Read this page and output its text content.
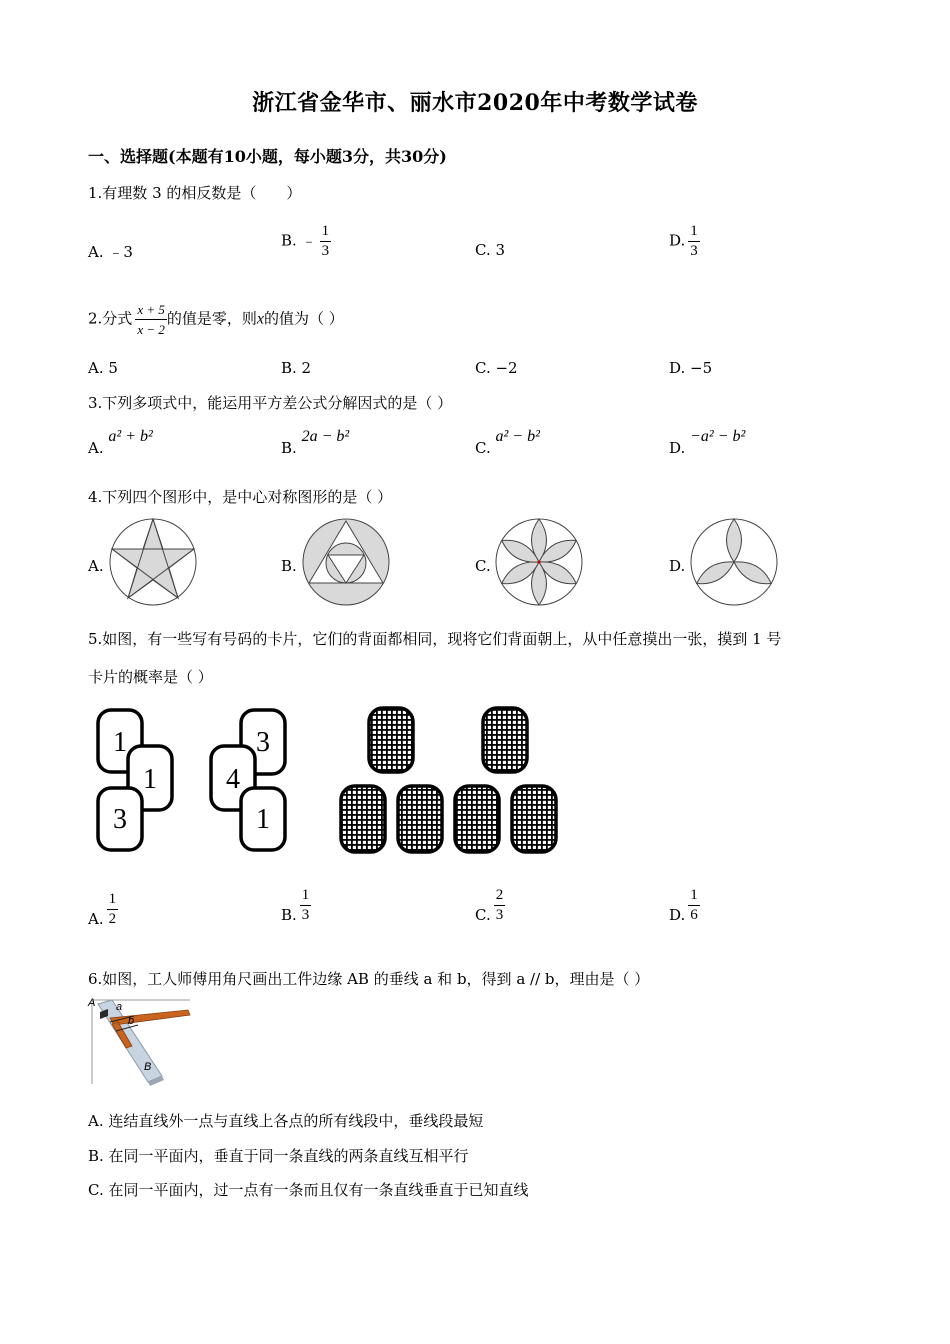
浙江省金华市、丽水市2020年中考数学试卷
一、选择题(本题有10小题，每小题3分，共30分)
1.有理数 3 的相反数是（　　）
A. ﹣3
B. ﹣ $\frac{1}{3}$	C. 3
D. $\frac{1}{3}$
2.分式 $\frac{x + 5}{x - 2}$ 的值是零，则x的值为（ ）
A. 5	B. 2	C. −2	D. −5
3.下列多项式中，能运用平方差公式分解因式的是（ ）
A. a² + b²
B. 2a − b²
C. a² − b²
D. −a² − b²
4.下列四个图形中，是中心对称图形的是（ ）
A.	B.	C.	D.
5.如图，有一些写有号码的卡片，它们的背面都相同，现将它们背面朝上，从中任意摸出一张，摸到 1 号
卡片的概率是（ ）
1
1
3
3
4
1
A. $\frac{1}{2}$	B. $\frac{1}{3}$	C. $\frac{2}{3}$	D. $\frac{1}{6}$
6.如图，工人师傅用角尺画出工件边缘 AB 的垂线 a 和 b，得到 a // b，理由是（ ）
A a
b
B
A. 连结直线外一点与直线上各点的所有线段中，垂线段最短
B. 在同一平面内，垂直于同一条直线的两条直线互相平行
C. 在同一平面内，过一点有一条而且仅有一条直线垂直于已知直线
